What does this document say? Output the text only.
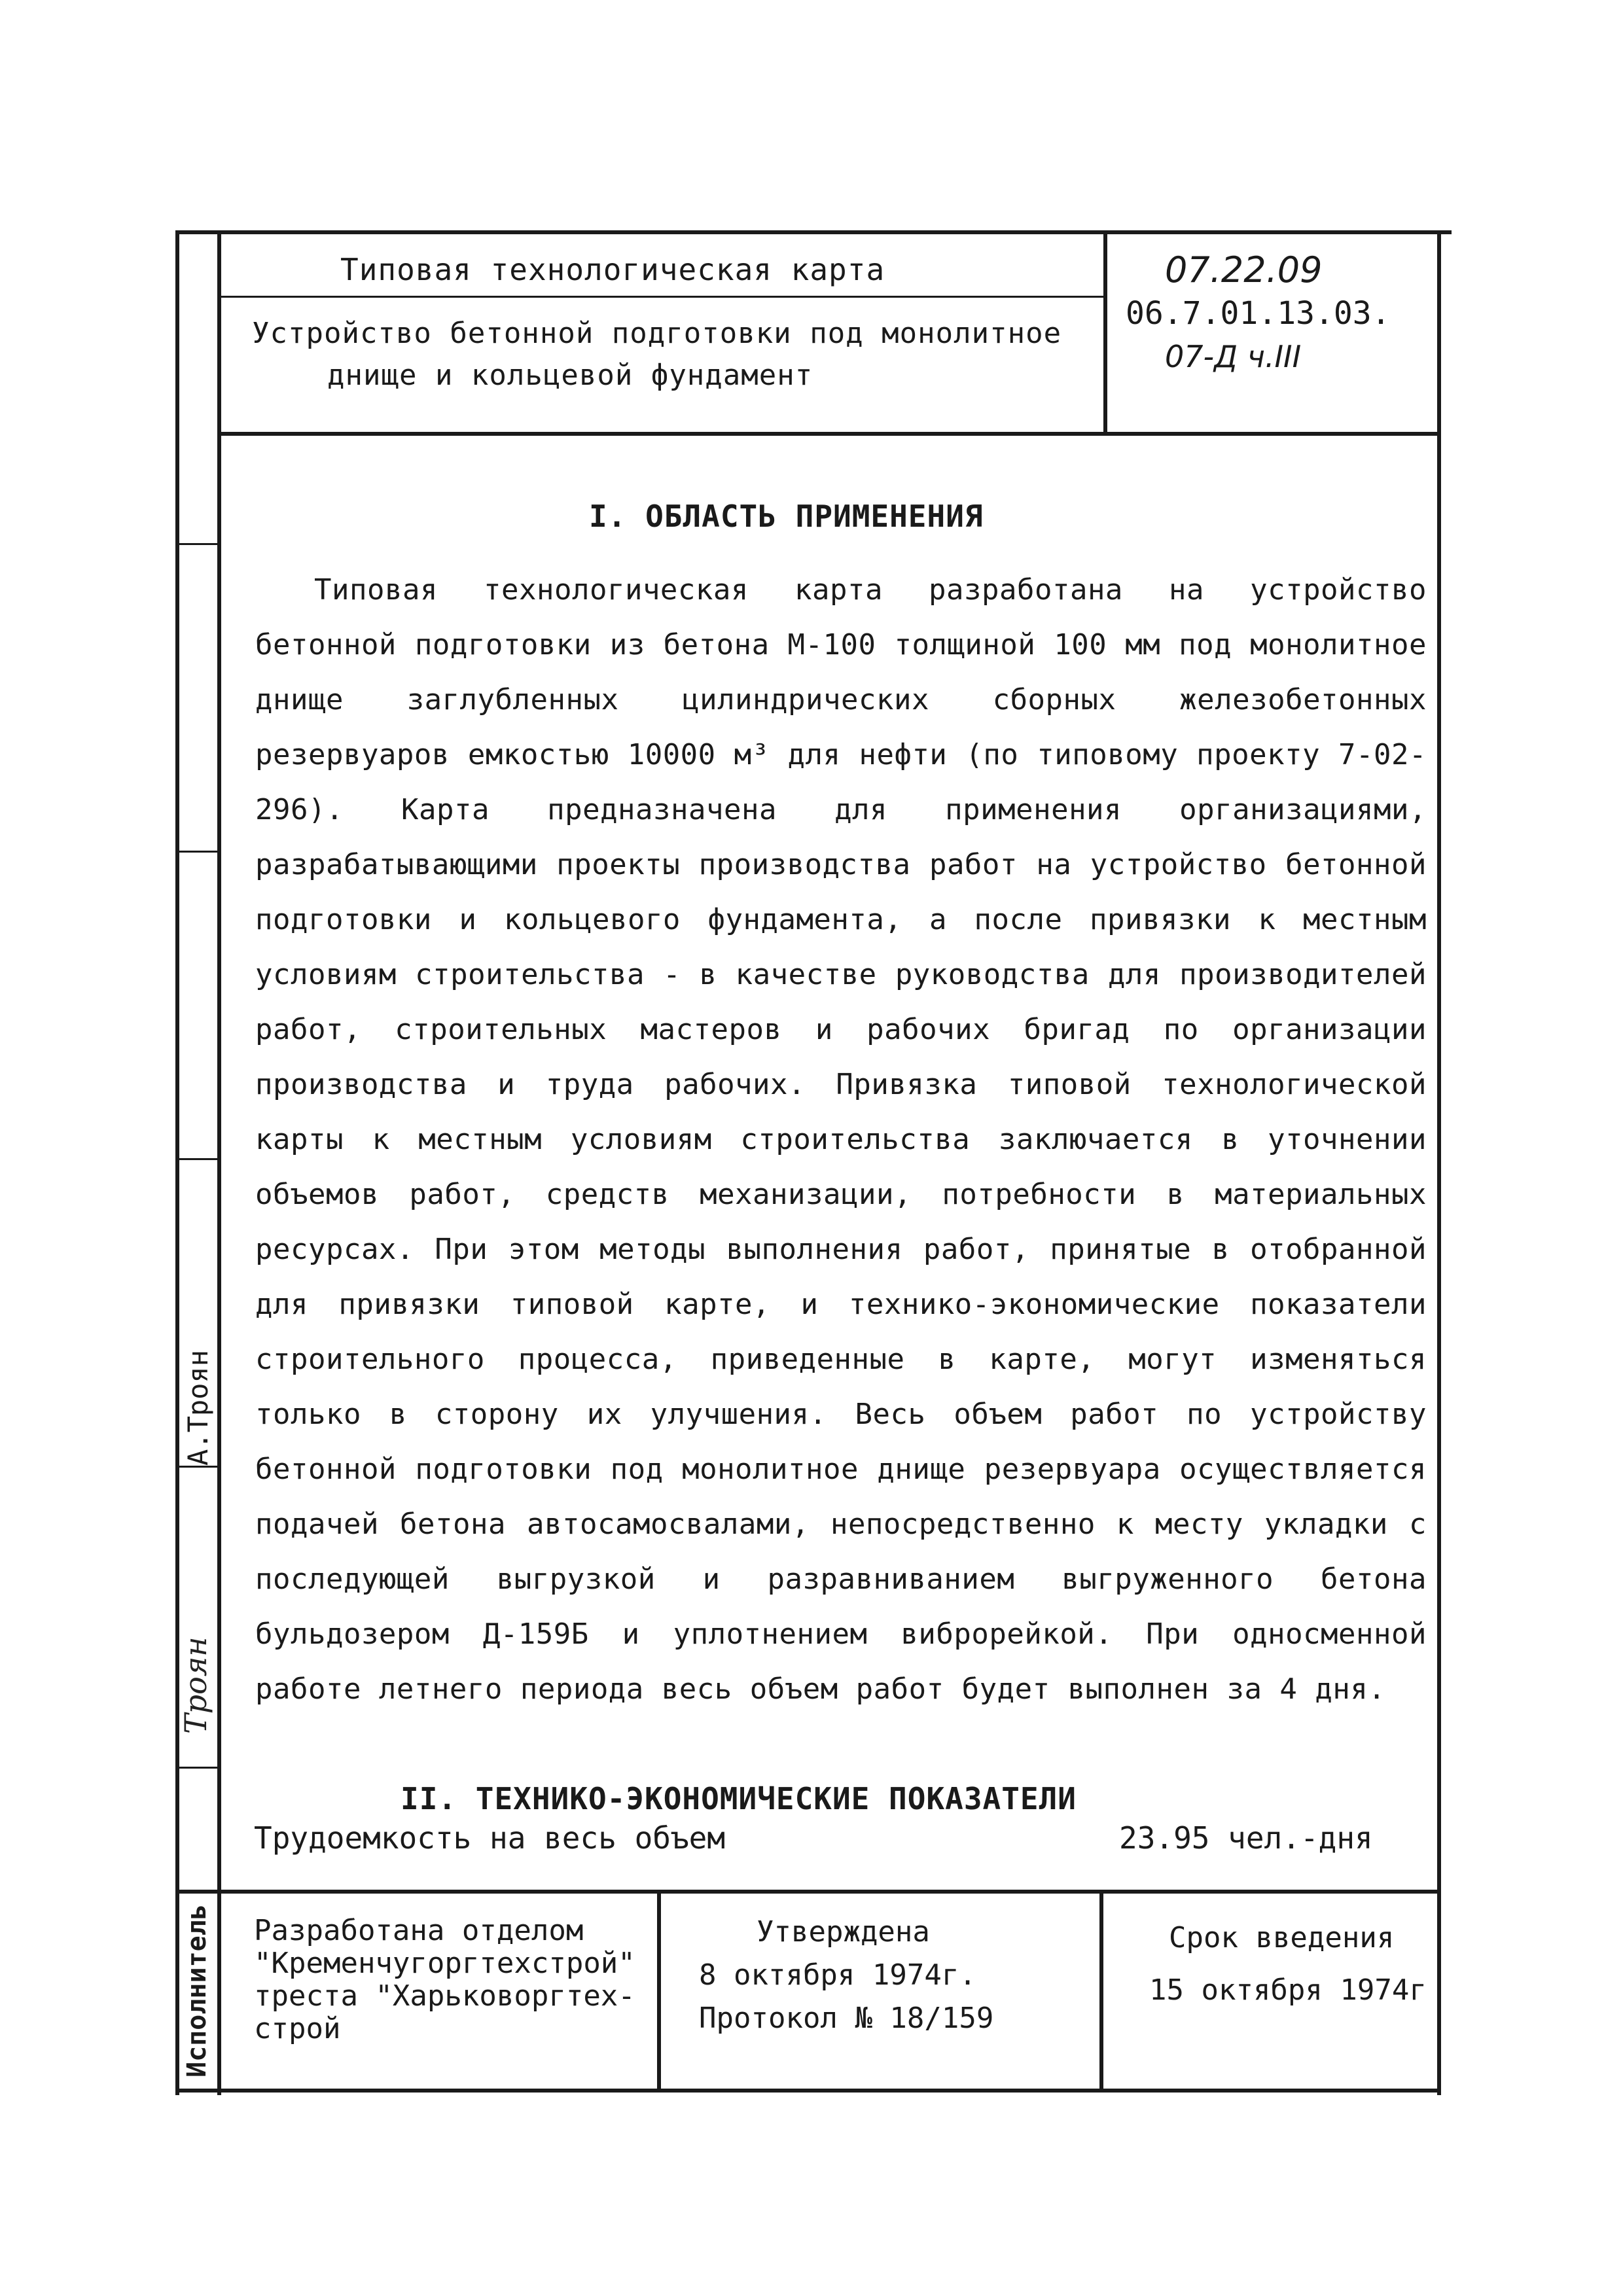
Типовая технологическая карта
Устройство бетонной подготовки под монолитное
днище и кольцевой фундамент
07.22.09
06.7.01.13.03.
07-Д ч.III
I. ОБЛАСТЬ ПРИМЕНЕНИЯ

Типовая технологическая карта разработана на устройство бетонной подготовки из бетона М-100 толщиной 100 мм под монолитное днище заглубленных цилиндрических сборных железобетонных резервуаров емкостью 10000 м³ для нефти (по типовому проекту 7-02-296). Карта предназначена для применения организациями, разрабатывающими проекты производства работ на устройство бетонной подготовки и кольцевого фундамента, а после привязки к местным условиям строительства - в качестве руководства для производителей работ, строительных мастеров и рабочих бригад по организации производства и труда рабочих. Привязка типовой технологической карты к местным условиям строительства заключается в уточнении объемов работ, средств механизации, потребности в материальных ресурсах. При этом методы выполнения работ, принятые в отобранной для привязки типовой карте, и технико-экономические показатели строительного процесса, приведенные в карте, могут изменяться только в сторону их улучшения. Весь объем работ по устройству бетонной подготовки под монолитное днище резервуара осуществляется подачей бетона автосамосвалами, непосредственно к месту укладки с последующей выгрузкой и разравниванием выгруженного бетона бульдозером Д-159Б и уплотнением виброрейкой. При односменной работе летнего периода весь объем работ будет выполнен за 4 дня.

II. ТЕХНИКО-ЭКОНОМИЧЕСКИЕ ПОКАЗАТЕЛИ
Трудоемкость на весь объем	23.95 чел.-дня
Разработана отделом
"Кременчугоргтехстрой"
треста "Харьковоргтех-
строй
Утверждена
8 октября 1974г.
Протокол № 18/159
Срок введения
15 октября 1974г
Исполнитель
А.Троян
Троян
